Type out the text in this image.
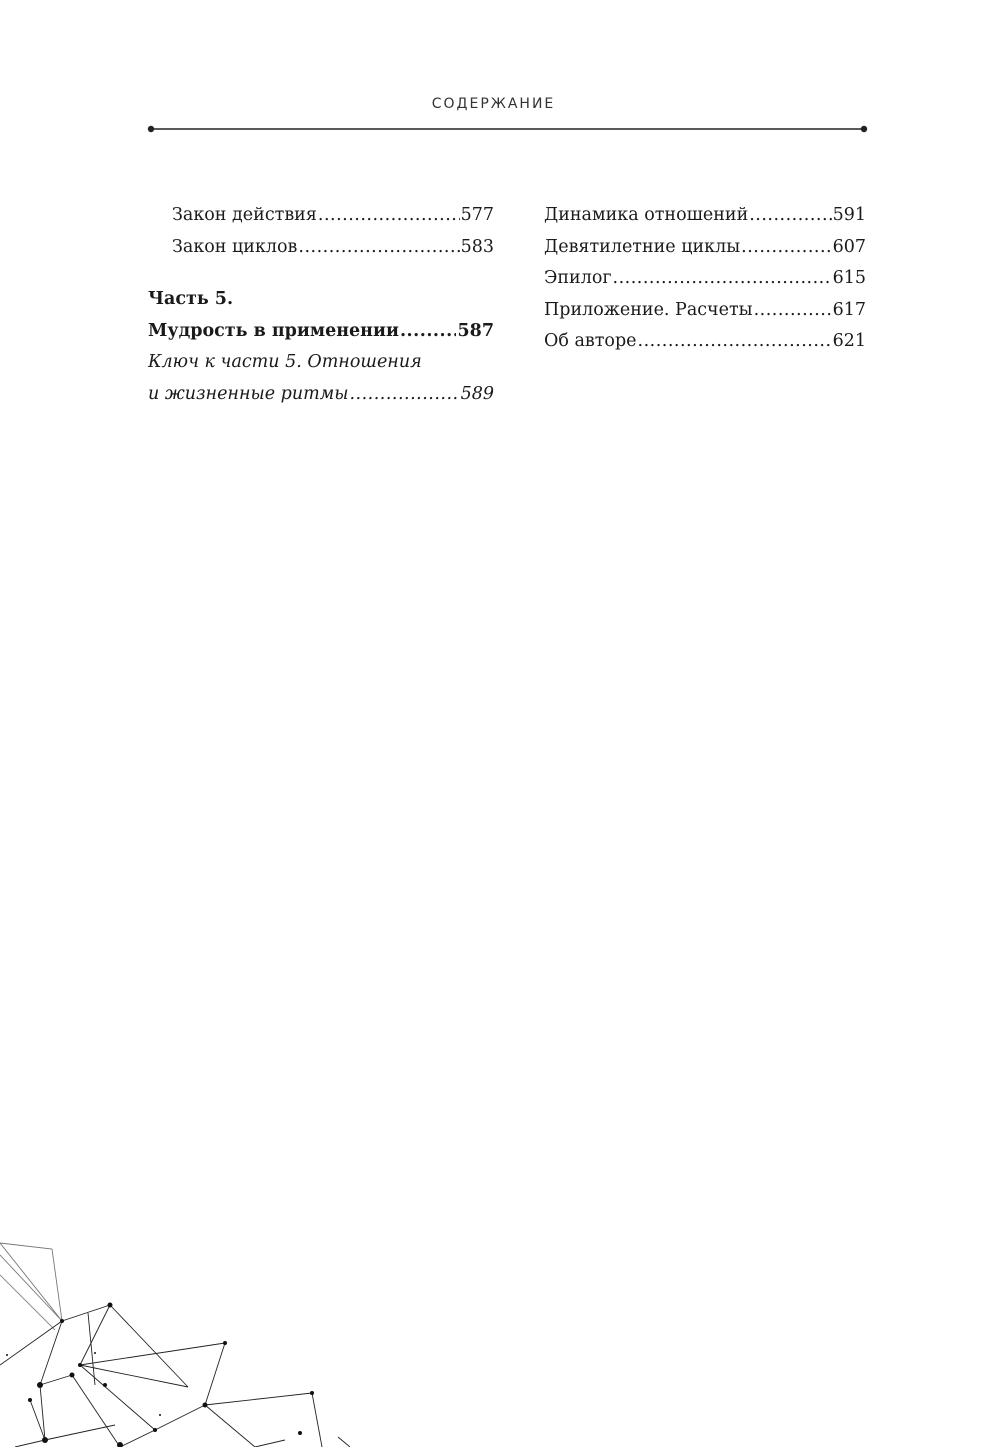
СОДЕРЖАНИЕ
Закон действия .....	577
Закон циклов .....	583
Часть 5.
Мудрость в применении .....	587
Ключ к части 5. Отношения
и жизненные ритмы .....	589
Динамика отношений .....	591
Девятилетние циклы .....	607
Эпилог .....	615
Приложение. Расчеты .....	617
Об авторе .....	621
